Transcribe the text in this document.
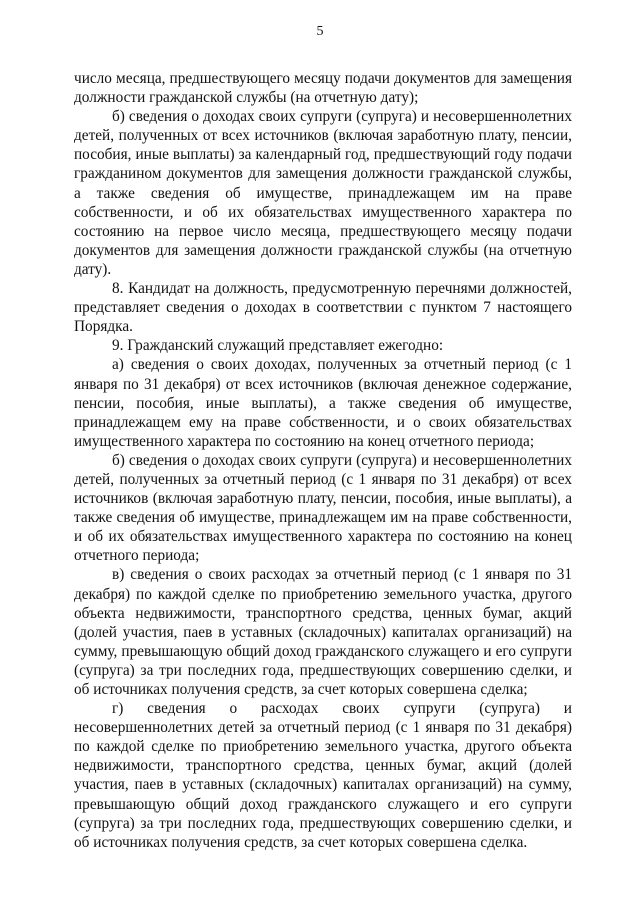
5

число месяца, предшествующего месяцу подачи документов для замещения должности гражданской службы (на отчетную дату);

б) сведения о доходах своих супруги (супруга) и несовершеннолетних детей, полученных от всех источников (включая заработную плату, пенсии, пособия, иные выплаты) за календарный год, предшествующий году подачи гражданином документов для замещения должности гражданской службы, а также сведения об имуществе, принадлежащем им на праве собственности, и об их обязательствах имущественного характера по состоянию на первое число месяца, предшествующего месяцу подачи документов для замещения должности гражданской службы (на отчетную дату).

8. Кандидат на должность, предусмотренную перечнями должностей, представляет сведения о доходах в соответствии с пунктом 7 настоящего Порядка.

9. Гражданский служащий представляет ежегодно:

а) сведения о своих доходах, полученных за отчетный период (с 1 января по 31 декабря) от всех источников (включая денежное содержание, пенсии, пособия, иные выплаты), а также сведения об имуществе, принадлежащем ему на праве собственности, и о своих обязательствах имущественного характера по состоянию на конец отчетного периода;

б) сведения о доходах своих супруги (супруга) и несовершеннолетних детей, полученных за отчетный период (с 1 января по 31 декабря) от всех источников (включая заработную плату, пенсии, пособия, иные выплаты), а также сведения об имуществе, принадлежащем им на праве собственности, и об их обязательствах имущественного характера по состоянию на конец отчетного периода;

в) сведения о своих расходах за отчетный период (с 1 января по 31 декабря) по каждой сделке по приобретению земельного участка, другого объекта недвижимости, транспортного средства, ценных бумаг, акций (долей участия, паев в уставных (складочных) капиталах организаций) на сумму, превышающую общий доход гражданского служащего и его супруги (супруга) за три последних года, предшествующих совершению сделки, и об источниках получения средств, за счет которых совершена сделка;

г) сведения о расходах своих супруги (супруга) и несовершеннолетних детей за отчетный период (с 1 января по 31 декабря) по каждой сделке по приобретению земельного участка, другого объекта недвижимости, транспортного средства, ценных бумаг, акций (долей участия, паев в уставных (складочных) капиталах организаций) на сумму, превышающую общий доход гражданского служащего и его супруги (супруга) за три последних года, предшествующих совершению сделки, и об источниках получения средств, за счет которых совершена сделка.
